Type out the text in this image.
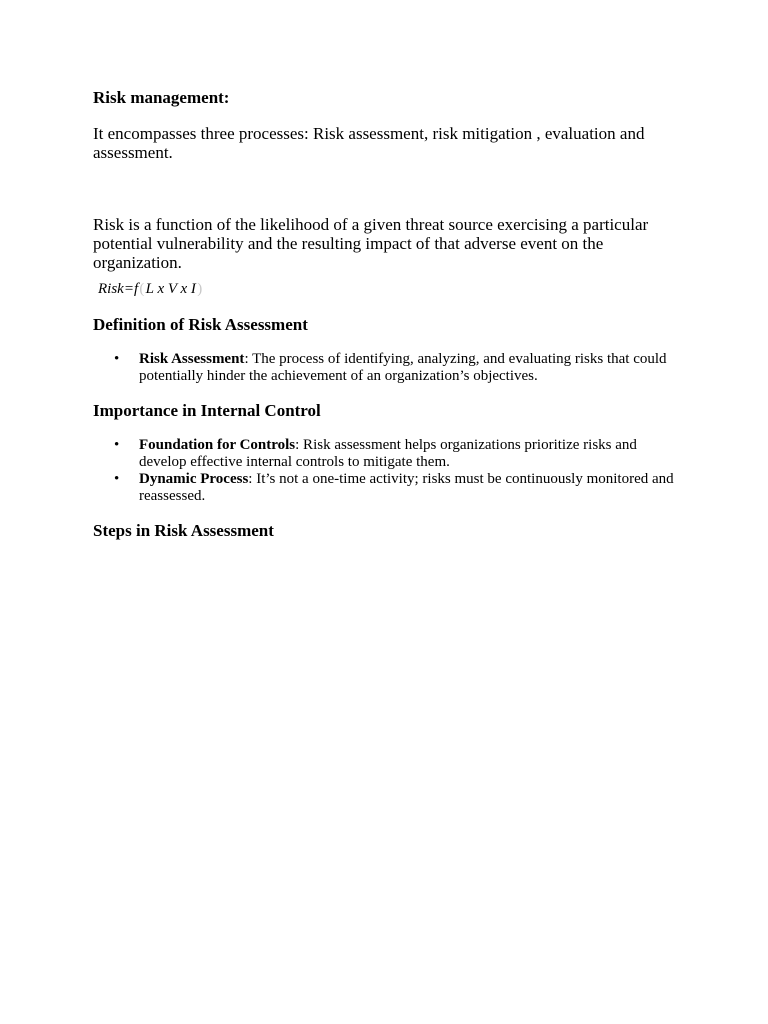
Risk management:

It encompasses three processes: Risk assessment, risk mitigation , evaluation and assessment.

Risk is a function of the likelihood of a given threat source exercising a particular potential vulnerability and the resulting impact of that adverse event on the organization.

Risk=f ( L x V x I )

Definition of Risk Assessment
• Risk Assessment: The process of identifying, analyzing, and evaluating risks that could potentially hinder the achievement of an organization’s objectives.
Importance in Internal Control
• Foundation for Controls: Risk assessment helps organizations prioritize risks and develop effective internal controls to mitigate them.
• Dynamic Process: It’s not a one-time activity; risks must be continuously monitored and reassessed.
Steps in Risk Assessment
